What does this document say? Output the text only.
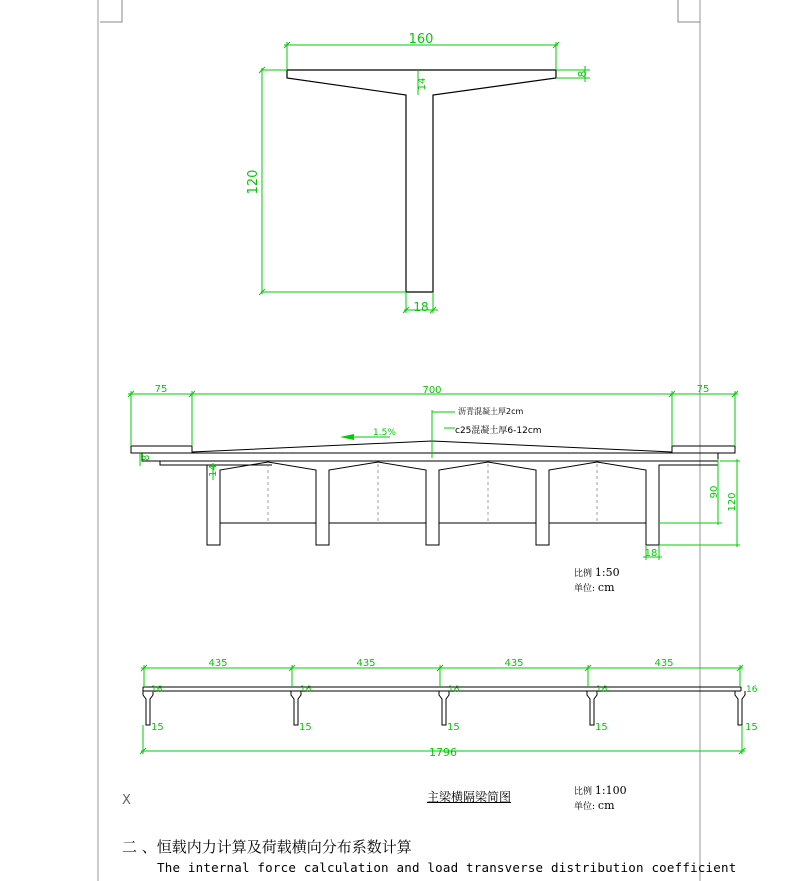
160
14
8
120
18
75	700	75
沥青混凝土厚2cm
c25混凝土厚6-12cm
1.5%
14
8
90
120
18
435	435	435	435
16	16	16	16	16
15	15	15	15	15
1796
比例 1:50
单位: cm
比例 1:100
单位: cm
主梁横隔梁简图
X
二 、恒载内力计算及荷载横向分布系数计算
The internal force calculation and load transverse distribution coefficient
